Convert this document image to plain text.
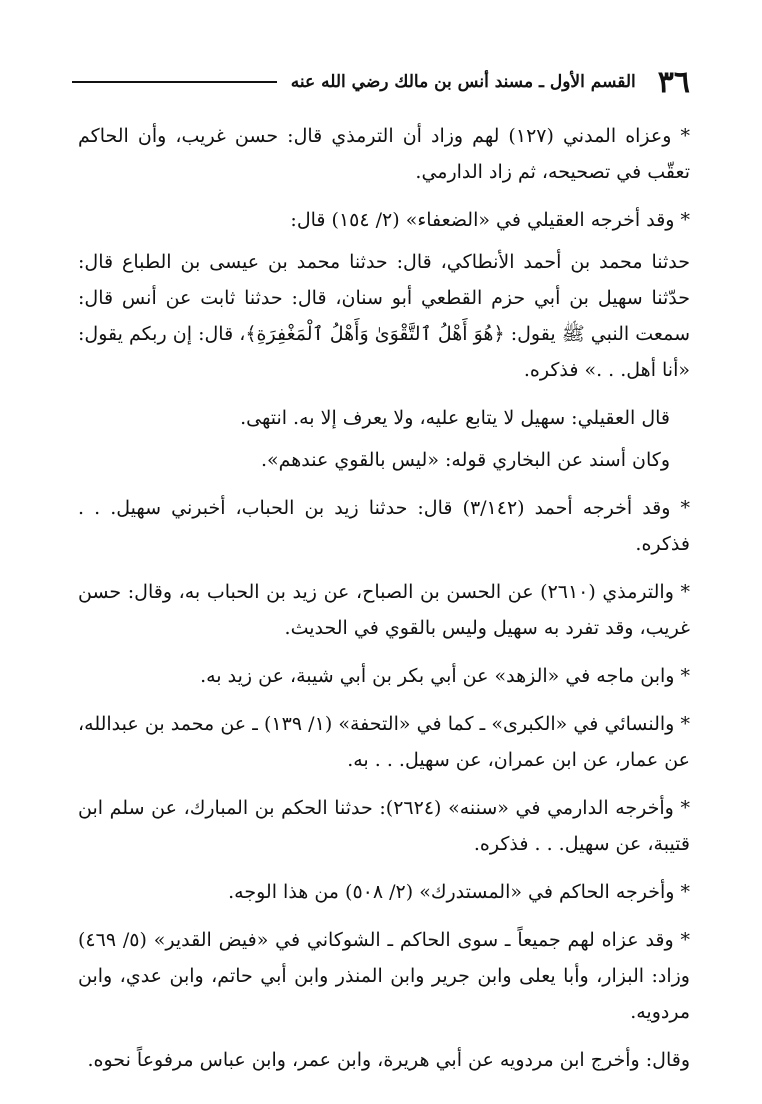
٣٦
القسم الأول ـ مسند أنس بن مالك رضي الله عنه

* وعزاه المدني (١٢٧) لهم وزاد أن الترمذي قال: حسن غريب، وأن الحاكم تعقّب في تصحيحه، ثم زاد الدارمي.

* وقد أخرجه العقيلي في «الضعفاء» (٢/ ١٥٤) قال:

حدثنا محمد بن أحمد الأنطاكي، قال: حدثنا محمد بن عيسى بن الطباع قال: حدّثنا سهيل بن أبي حزم القطعي أبو سنان، قال: حدثنا ثابت عن أنس قال: سمعت النبي ﷺ يقول: ﴿هُوَ أَهْلُ ٱلتَّقْوَىٰ وَأَهْلُ ٱلْمَغْفِرَةِ﴾، قال: إن ربكم يقول: «أنا أهل. . .» فذكره.

قال العقيلي: سهيل لا يتابع عليه، ولا يعرف إلا به. انتهى.

وكان أسند عن البخاري قوله: «ليس بالقوي عندهم».

* وقد أخرجه أحمد (٣/١٤٢) قال: حدثنا زيد بن الحباب، أخبرني سهيل. . . فذكره.

* والترمذي (٢٦١٠) عن الحسن بن الصباح، عن زيد بن الحباب به، وقال: حسن غريب، وقد تفرد به سهيل وليس بالقوي في الحديث.

* وابن ماجه في «الزهد» عن أبي بكر بن أبي شيبة، عن زيد به.

* والنسائي في «الكبرى» ـ كما في «التحفة» (١/ ١٣٩) ـ عن محمد بن عبدالله، عن عمار، عن ابن عمران، عن سهيل. . . به.

* وأخرجه الدارمي في «سننه» (٢٦٢٤): حدثنا الحكم بن المبارك، عن سلم ابن قتيبة، عن سهيل. . . فذكره.

* وأخرجه الحاكم في «المستدرك» (٢/ ٥٠٨) من هذا الوجه.

* وقد عزاه لهم جميعاً ـ سوى الحاكم ـ الشوكاني في «فيض القدير» (٥/ ٤٦٩) وزاد: البزار، وأبا يعلى وابن جرير وابن المنذر وابن أبي حاتم، وابن عدي، وابن مردويه.

وقال: وأخرج ابن مردويه عن أبي هريرة، وابن عمر، وابن عباس مرفوعاً نحوه.
